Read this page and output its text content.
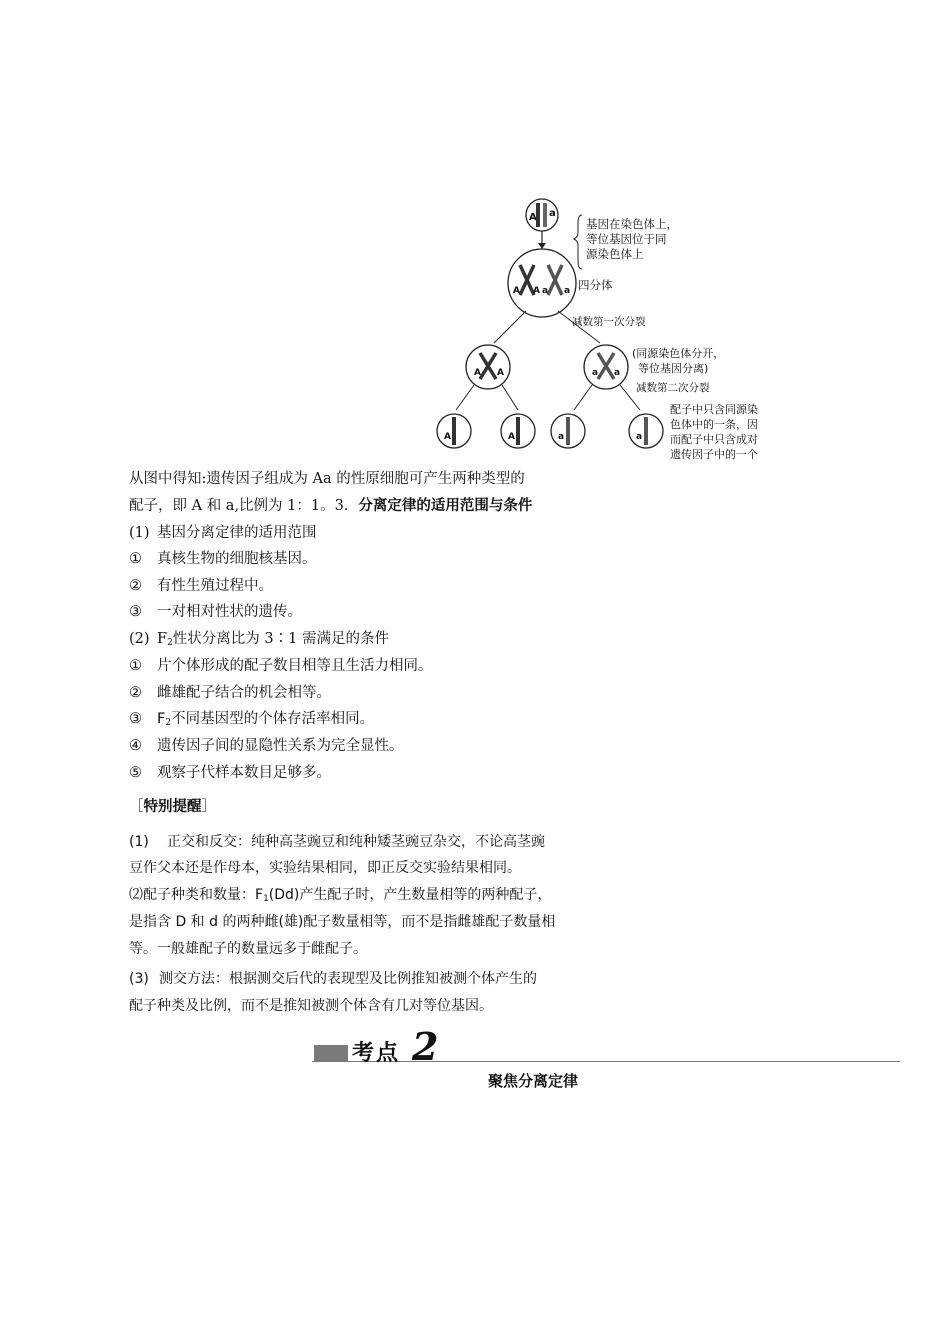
A a
基因在染色体上，
等位基因位于同
源染色体上
A A a a 四分体
减数第一次分裂
A A	a a
(同源染色体分开，
等位基因分离)
减数第二次分裂
A	A	a	a
配子中只含同源染
色体中的一条，因
而配子中只含成对
遗传因子中的一个
从图中得知:遗传因子组成为 Aa 的性原细胞可产生两种类型的
配子，即 A 和 a,比例为 1：1。3．分离定律的适用范围与条件
(1) 基因分离定律的适用范围
① 真核生物的细胞核基因。
② 有性生殖过程中。
③ 一对相对性状的遗传。
(2) $F_2$性状分离比为 3∶1 需满足的条件
① 片个体形成的配子数目相等且生活力相同。
② 雌雄配子结合的机会相等。
③ $F_2$不同基因型的个体存活率相同。
④ 遗传因子间的显隐性关系为完全显性。
⑤ 观察子代样本数目足够多。
［特别提醒］
(1) 正交和反交：纯种高茎豌豆和纯种矮茎豌豆杂交，不论高茎豌
豆作父本还是作母本，实验结果相同，即正反交实验结果相同。
⑵配子种类和数量：$F_1(Dd)$产生配子时，产生数量相等的两种配子，
是指含 D 和 d 的两种雌(雄)配子数量相等，而不是指雌雄配子数量相
等。一般雄配子的数量远多于雌配子。
(3) 测交方法：根据测交后代的表现型及比例推知被测个体产生的
配子种类及比例，而不是推知被测个体含有几对等位基因。
考点 2
聚焦分离定律
